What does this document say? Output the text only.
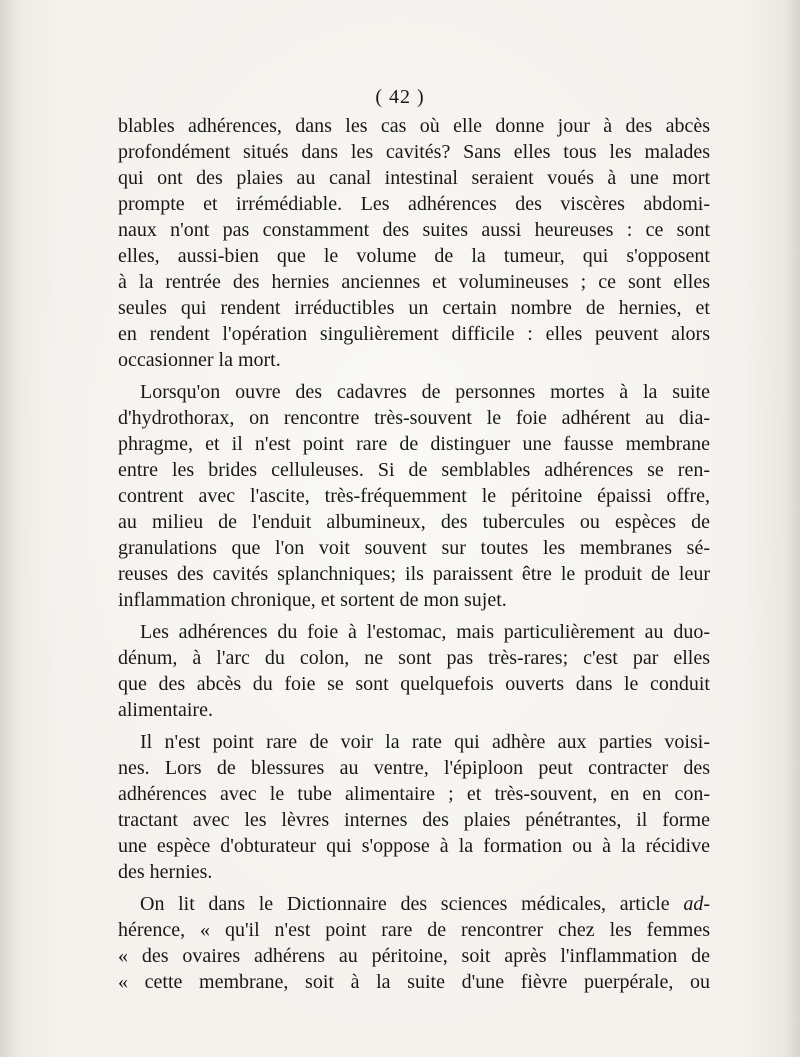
( 42 )
blables adhérences, dans les cas où elle donne jour à des abcès
profondément situés dans les cavités? Sans elles tous les malades
qui ont des plaies au canal intestinal seraient voués à une mort
prompte et irrémédiable. Les adhérences des viscères abdomi-
naux n'ont pas constamment des suites aussi heureuses : ce sont
elles, aussi-bien que le volume de la tumeur, qui s'opposent
à la rentrée des hernies anciennes et volumineuses ; ce sont elles
seules qui rendent irréductibles un certain nombre de hernies, et
en rendent l'opération singulièrement difficile : elles peuvent alors
occasionner la mort.
Lorsqu'on ouvre des cadavres de personnes mortes à la suite
d'hydrothorax, on rencontre très-souvent le foie adhérent au dia-
phragme, et il n'est point rare de distinguer une fausse membrane
entre les brides celluleuses. Si de semblables adhérences se ren-
contrent avec l'ascite, très-fréquemment le péritoine épaissi offre,
au milieu de l'enduit albumineux, des tubercules ou espèces de
granulations que l'on voit souvent sur toutes les membranes sé-
reuses des cavités splanchniques; ils paraissent être le produit de leur
inflammation chronique, et sortent de mon sujet.
Les adhérences du foie à l'estomac, mais particulièrement au duo-
dénum, à l'arc du colon, ne sont pas très-rares; c'est par elles
que des abcès du foie se sont quelquefois ouverts dans le conduit
alimentaire.
Il n'est point rare de voir la rate qui adhère aux parties voisi-
nes. Lors de blessures au ventre, l'épiploon peut contracter des
adhérences avec le tube alimentaire ; et très-souvent, en en con-
tractant avec les lèvres internes des plaies pénétrantes, il forme
une espèce d'obturateur qui s'oppose à la formation ou à la récidive
des hernies.
On lit dans le Dictionnaire des sciences médicales, article ad-
hérence, « qu'il n'est point rare de rencontrer chez les femmes
« des ovaires adhérens au péritoine, soit après l'inflammation de
« cette membrane, soit à la suite d'une fièvre puerpérale, ou
